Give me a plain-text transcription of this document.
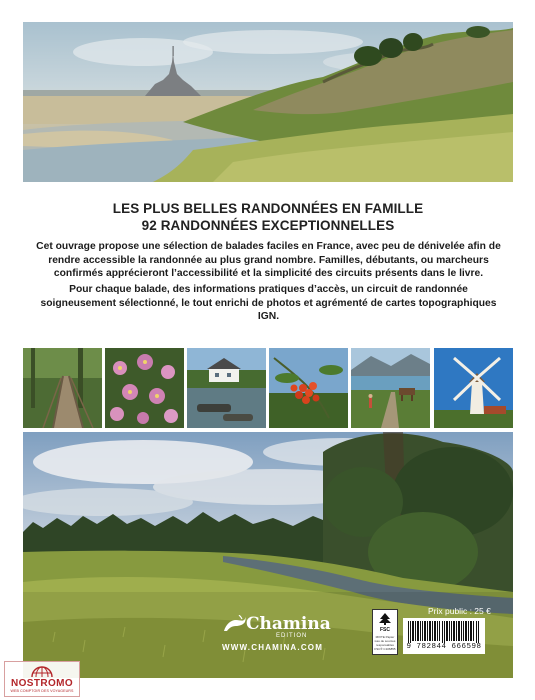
LES PLUS BELLES RANDONNÉES EN FAMILLE
92 RANDONNÉES EXCEPTIONNELLES
Cet ouvrage propose une sélection de balades faciles en France, avec peu de dénivelée afin de rendre accessible la randonnée au plus grand nombre. Familles, débutants, ou marcheurs confirmés apprécieront l’accessibilité et la simplicité des circuits présents dans le livre.
Pour chaque balade, des informations pratiques d’accès, un circuit de randonnée soigneusement sélectionné, le tout enrichi de photos et agrémenté de cartes topographiques IGN.
Chamina
EDITION
WWW.CHAMINA.COM
FSC
MIXTE Papier issu de sources responsables FSC® C106855
Prix public : 25 €
9 782844 666598
NOSTROMO
WEB COMPTOIR DES VOYAGEURS
